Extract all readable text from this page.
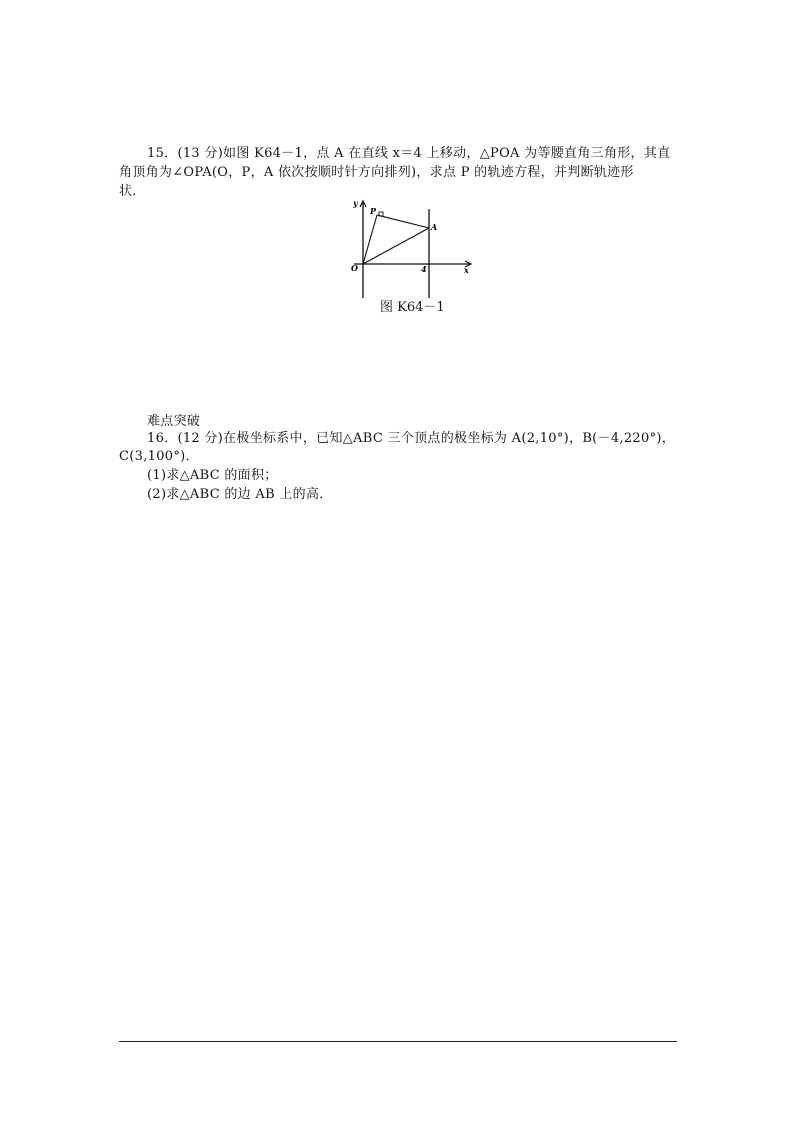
15．(13 分)如图 K64－1，点 A 在直线 x＝4 上移动，△POA 为等腰直角三角形，其直
角顶角为∠OPA(O，P，A 依次按顺时针方向排列)，求点 P 的轨迹方程，并判断轨迹形
状．
y
P
A
O	4	x
图 K64－1
难点突破
16．(12 分)在极坐标系中，已知△ABC 三个顶点的极坐标为 A(2,10°)，B(－4,220°)，
C(3,100°)．
(1)求△ABC 的面积；
(2)求△ABC 的边 AB 上的高．
